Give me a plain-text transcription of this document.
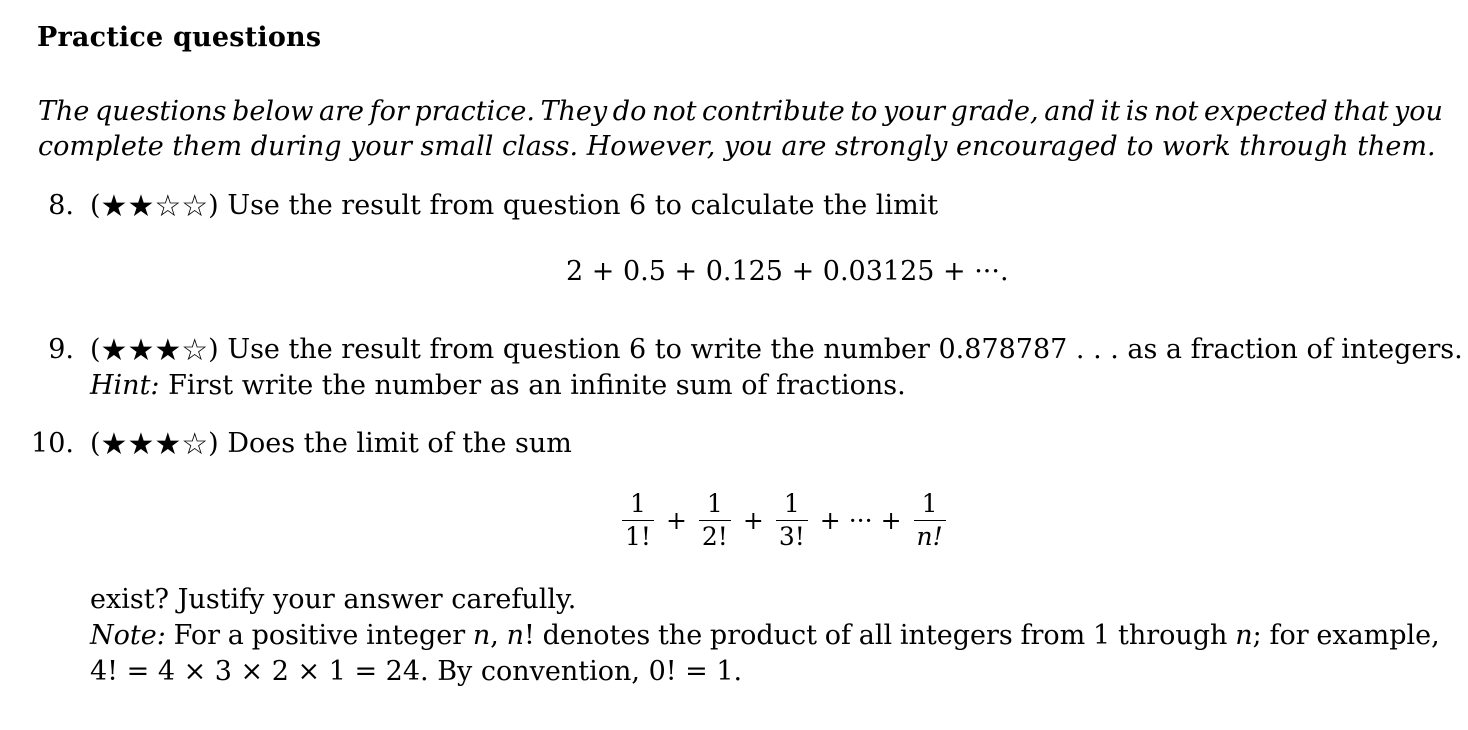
Practice questions
The questions below are for practice. They do not contribute to your grade, and it is not expected that you
complete them during your small class. However, you are strongly encouraged to work through them.
8. (★★☆☆) Use the result from question 6 to calculate the limit
2 + 0.5 + 0.125 + 0.03125 + ···.
9. (★★★☆) Use the result from question 6 to write the number 0.878787 . . . as a fraction of integers.
Hint: First write the number as an infinite sum of fractions.
10. (★★★☆) Does the limit of the sum
$\frac{1}{1!} + \frac{1}{2!} + \frac{1}{3!}$ + ··· + $\frac{1}{n!}$
exist? Justify your answer carefully.
Note: For a positive integer n, n! denotes the product of all integers from 1 through n; for example,
4! = 4 × 3 × 2 × 1 = 24. By convention, 0! = 1.
